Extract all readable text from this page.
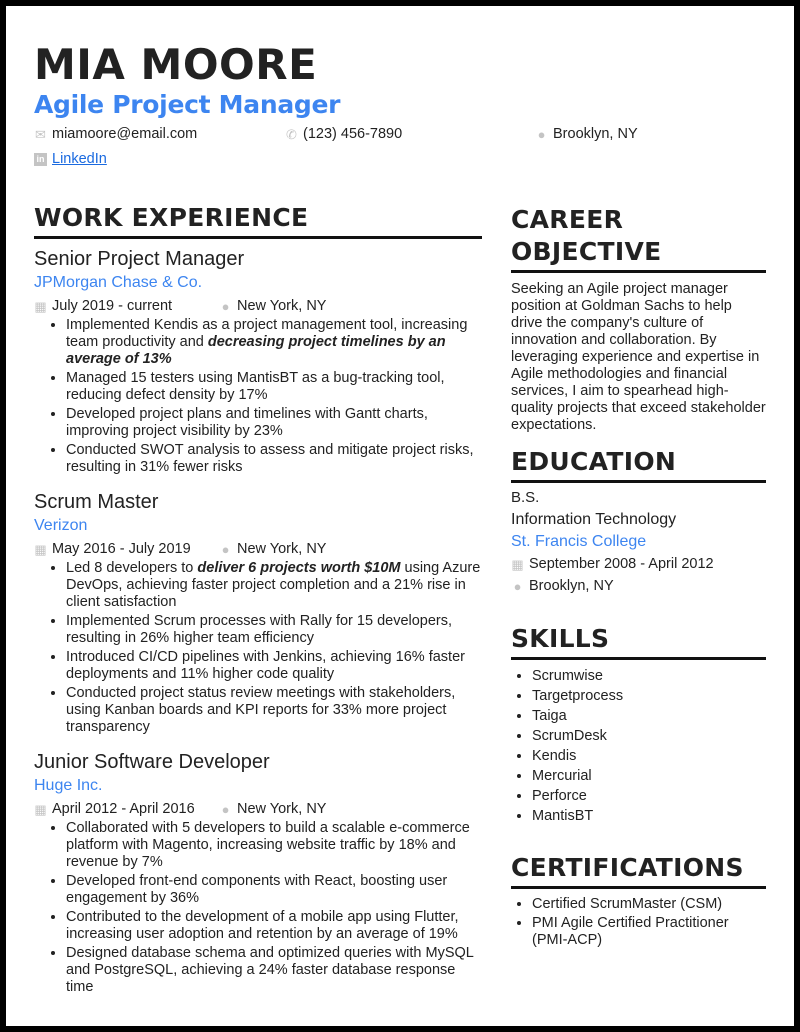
MIA MOORE
Agile Project Manager
✉ miamoore@email.com	✆ (123) 456-7890	● Brooklyn, NY
in LinkedIn
WORK EXPERIENCE
Senior Project Manager
JPMorgan Chase & Co.
▦ July 2019 - current	● New York, NY
• Implemented Kendis as a project management tool, increasing team productivity and decreasing project timelines by an average of 13%
• Managed 15 testers using MantisBT as a bug-tracking tool, reducing defect density by 17%
• Developed project plans and timelines with Gantt charts, improving project visibility by 23%
• Conducted SWOT analysis to assess and mitigate project risks, resulting in 31% fewer risks
Scrum Master
Verizon
▦ May 2016 - July 2019 ● New York, NY
• Led 8 developers to deliver 6 projects worth $10M using Azure DevOps, achieving faster project completion and a 21% rise in client satisfaction
• Implemented Scrum processes with Rally for 15 developers, resulting in 26% higher team efficiency
• Introduced CI/CD pipelines with Jenkins, achieving 16% faster deployments and 11% higher code quality
• Conducted project status review meetings with stakeholders, using Kanban boards and KPI reports for 33% more project transparency
Junior Software Developer
Huge Inc.
▦ April 2012 - April 2016 ● New York, NY
• Collaborated with 5 developers to build a scalable e-commerce platform with Magento, increasing website traffic by 18% and revenue by 7%
• Developed front-end components with React, boosting user engagement by 36%
• Contributed to the development of a mobile app using Flutter, increasing user adoption and retention by an average of 19%
• Designed database schema and optimized queries with MySQL and PostgreSQL, achieving a 24% faster database response time
CAREER OBJECTIVE
Seeking an Agile project manager position at Goldman Sachs to help drive the company's culture of innovation and collaboration. By leveraging experience and expertise in Agile methodologies and financial services, I aim to spearhead high-quality projects that exceed stakeholder expectations.
EDUCATION
B.S.
Information Technology
St. Francis College
▦ September 2008 - April 2012
● Brooklyn, NY
SKILLS
• Scrumwise
• Targetprocess
• Taiga
• ScrumDesk
• Kendis
• Mercurial
• Perforce
• MantisBT
CERTIFICATIONS
• Certified ScrumMaster (CSM)
• PMI Agile Certified Practitioner (PMI-ACP)
